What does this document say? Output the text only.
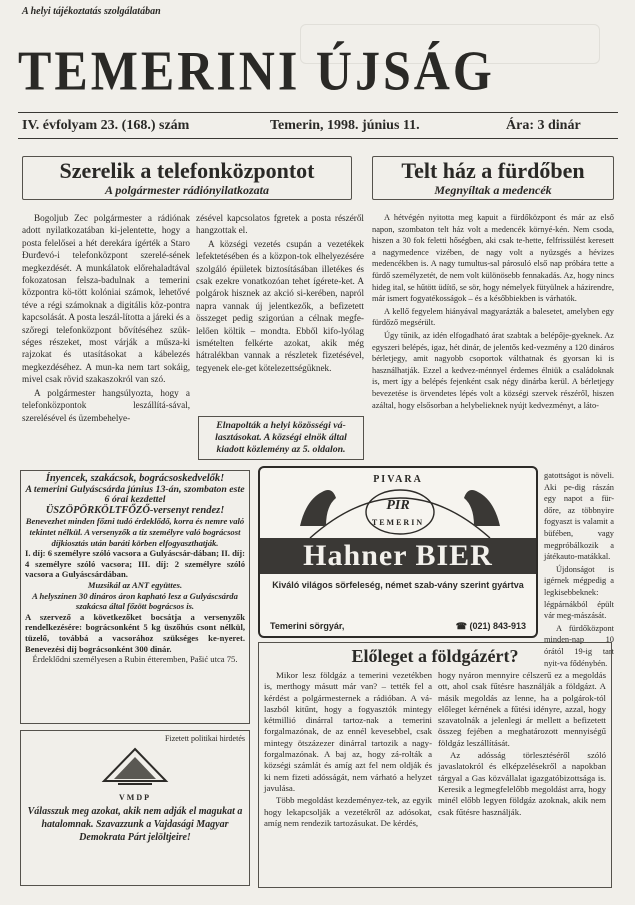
A helyi tájékoztatás szolgálatában
TEMERINI ÚJSÁG
IV. évfolyam 23. (168.) szám	Temerin, 1998. június 11.	Ára: 3 dinár
Szerelik a telefonközpontot
A polgármester rádiónyilatkozata

Bogoljub Zec polgármester a rádiónak adott nyilatkozatában ki-jelentette, hogy a posta felelősei a hét derekára ígérték a Staro Đurđevó-i telefonközpont szerelé-sének megkezdését. A munkálatok előrehaladtával fokozatosan felsza-badulnak a temerini központra kö-tött kolóniai számok, lehetővé téve a régi számoknak a digitális köz-pontra kapcsolását. A posta leszál-lította a járeki és a szőregi telefonközpont bővítéséhez szük-séges részeket, most várják a műsza-ki rajzokat és utasításokat a kábelezés megkezdéséhez. A mun-ka nem tart sokáig, mivel csak rövid szakaszokról van szó.

A polgármester hangsúlyozta, hogy a telefonközpontok leszállítá-sával, szerelésével és üzembehelye-

zésével kapcsolatos fgretek a posta részéről hangzottak el.

A községi vezetés csupán a vezetékek lefektetésében és a közpon-tok elhelyezésére szolgáló épületek biztosításában illetékes és csak ezekre vonatkozóan tehet ígérete-ket. A polgárok hisznek az akció si-kerében, napról napra vannak új jelentkezők, a befizetett összeget pedig szigorúan a célnak megfe-lelően költik – mondta. Ebből kifo-lyólag ismételten felkérte azokat, akik még hátralékban vannak a részletek fizetésével, tegyenek ele-get kötelezettségüknek.

Elnapolták a helyi közösségi vá-lasztásokat. A községi elnök által kiadott közlemény az 5. oldalon.
Telt ház a fürdőben
Megnyíltak a medencék

A hétvégén nyitotta meg kapuit a fürdőközpont és már az első napon, szombaton telt ház volt a medencék környé-kén. Nem csoda, hiszen a 30 fok feletti hőségben, aki csak te-hette, felfrissülést keresett a nagymedence vizében, de nagy volt a nyüzsgés a hévizes medencékben is. A nagy tumultus-sal párosuló első nap próbára tette a fürdő személyzetét, de nem volt különösebb fennakadás. Az, hogy nincs hideg ital, se hűtött üdítő, se sör, hogy némelyek fütyülnek a házirendre, már ismert fogyatékosságok – és a későbbiekben is várhatók.

A kellő fegyelem hiányával magyarázták a balesetet, amelyben egy fürdőző megsérült.

Úgy tűnik, az idén elfogadható árat szabtak a belépője-gyeknek. Az egyszeri belépés, igaz, hét dinár, de jelentős ked-vezmény a 120 dináros bérletjegy, amit nagyobb csoportok válthatnak és gyorsan ki is használhatják. Ezzel a kedvez-ménnyel érdemes élniük a családoknak is, mert így a belépés fejenként csak négy dinárba kerül. A bérletjegy bevezetése is örvendetes lépés volt a községi szervek részéről, hiszen azáltal, hogy elsősorban a helybelieknek nyújt kedvezményt, a láto-

gatottságot is növeli. Aki pe-dig rászán egy napot a für-dőre, az többnyire fogyaszt is valamit a büfében, vagy megpróbálkozik a játékauto-matákkal.

Újdonságot is igérnek mégpedig a legkisebbeknek: légpárnákból épült vár meg-mászását.

A fürdőközpont minden-nap 10 órától 19-ig tart nyit-va fődénybén.

Ínyencek, szakácsok, bográcsoskedvelők!
A temerini Gulyáscsárda június 13-án, szombaton este 6 órai kezdettel
ÜSZÖPÖRKÖLTFŐZŐ-versenyt rendez!
Benevezhet minden főzni tudó érdeklődő, korra és nemre való tekintet nélkül. A versenyzők a tiz személyre való bográcsost díjkiosztás után baráti körben elfogyaszthatják.
I. díj: 6 személyre szóló vacsora a Gulyáscsár-dában; II. díj: 4 személyre szóló vacsora; III. díj: 2 személyre szóló vacsora a Gulyáscsárdában.
Muzsikál az ANT együttes.
A helyszínen 30 dináros áron kapható lesz a Gulyáscsárda szakácsa által főzött bográcsos is.
A szervező a következőket bocsátja a versenyzők rendelkezésére: bográcsonként 5 kg üszőhús csont nélkül, tüzelő, továbbá a vacsorához szükséges ke-nyeret. Benevezési díj bográcsonként 300 dinár.
Érdeklődni személyesen a Rubin étteremben, Pašić utca 75.
PIVARA
PIR
TEMERIN
Hahner BIER
Kiváló világos sörfeleség, német szab-vány szerint gyártva
Temerini sörgyár,	☎ (021) 843-913
Fizetett politikai hirdetés
VMDP
Válasszuk meg azokat, akik nem adják el magukat a hatalomnak. Szavazzunk a Vajdasági Magyar Demokrata Párt jelöltjeire!
Előleget a földgázért?

Mikor lesz földgáz a temerini vezetékben is, merthogy másutt már van? – tették fel a kérdést a polgármesternek a rádióban. A vá-laszból kitűnt, hogy a fogyasztók mintegy kétmillió dinárral tartoz-nak a temerini forgalmazónak, de az ennél kevesebbel, csak mintegy ötszázezer dinárral tartozik a nagy-forgalmazónak. A baj az, hogy zá-rolták a községi számlát és amíg azt fel nem oldják és ki nem fizeti adósságát, nem várható a helyzet javulása.

Több megoldást kezdeményez-tek, az egyik hogy lekapcsolják a vezetékről az adósokat, amíg nem rendezik tartozásukat. De kérdés,

hogy nyáron mennyire célszerű ez a megoldás ott, ahol csak fűtésre használják a földgázt. A másik megoldás az lenne, ha a polgárok-tól előleget kérnének a fűtési idényre, azzal, hogy szavatolnák a jelenlegi ár mellett a befizetett összeg fejében a meghatározott mennyiségű földgáz leszállítását.

Az adósság törlesztéséről szóló javaslatokról és elképzelésekről a napokban tárgyal a Gas közvállalat igazgatóbizottsága is. Keresik a legmegfelelőbb megoldást arra, hogy minél előbb legyen földgáz azoknak, akik nem csak fűtésre használják.
